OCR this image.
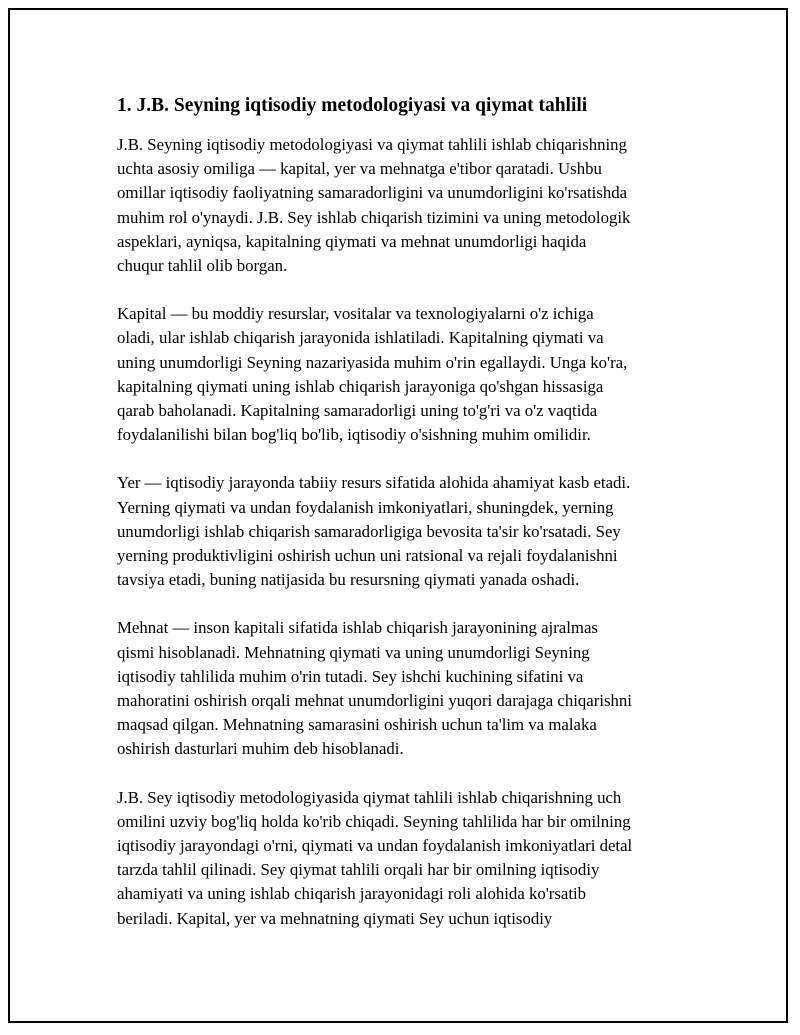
1. J.B. Seyning iqtisodiy metodologiyasi va qiymat tahlili
J.B. Seyning iqtisodiy metodologiyasi va qiymat tahlili ishlab chiqarishning
uchta asosiy omiliga — kapital, yer va mehnatga e'tibor qaratadi. Ushbu
omillar iqtisodiy faoliyatning samaradorligini va unumdorligini ko'rsatishda
muhim rol o'ynaydi. J.B. Sey ishlab chiqarish tizimini va uning metodologik
aspeklari, ayniqsa, kapitalning qiymati va mehnat unumdorligi haqida
chuqur tahlil olib borgan.
Kapital — bu moddiy resurslar, vositalar va texnologiyalarni o'z ichiga
oladi, ular ishlab chiqarish jarayonida ishlatiladi. Kapitalning qiymati va
uning unumdorligi Seyning nazariyasida muhim o'rin egallaydi. Unga ko'ra,
kapitalning qiymati uning ishlab chiqarish jarayoniga qo'shgan hissasiga
qarab baholanadi. Kapitalning samaradorligi uning to'g'ri va o'z vaqtida
foydalanilishi bilan bog'liq bo'lib, iqtisodiy o'sishning muhim omilidir.
Yer — iqtisodiy jarayonda tabiiy resurs sifatida alohida ahamiyat kasb etadi.
Yerning qiymati va undan foydalanish imkoniyatlari, shuningdek, yerning
unumdorligi ishlab chiqarish samaradorligiga bevosita ta'sir ko'rsatadi. Sey
yerning produktivligini oshirish uchun uni ratsional va rejali foydalanishni
tavsiya etadi, buning natijasida bu resursning qiymati yanada oshadi.
Mehnat — inson kapitali sifatida ishlab chiqarish jarayonining ajralmas
qismi hisoblanadi. Mehnatning qiymati va uning unumdorligi Seyning
iqtisodiy tahlilida muhim o'rin tutadi. Sey ishchi kuchining sifatini va
mahoratini oshirish orqali mehnat unumdorligini yuqori darajaga chiqarishni
maqsad qilgan. Mehnatning samarasini oshirish uchun ta'lim va malaka
oshirish dasturlari muhim deb hisoblanadi.
J.B. Sey iqtisodiy metodologiyasida qiymat tahlili ishlab chiqarishning uch
omilini uzviy bog'liq holda ko'rib chiqadi. Seyning tahlilida har bir omilning
iqtisodiy jarayondagi o'rni, qiymati va undan foydalanish imkoniyatlari detal
tarzda tahlil qilinadi. Sey qiymat tahlili orqali har bir omilning iqtisodiy
ahamiyati va uning ishlab chiqarish jarayonidagi roli alohida ko'rsatib
beriladi. Kapital, yer va mehnatning qiymati Sey uchun iqtisodiy
